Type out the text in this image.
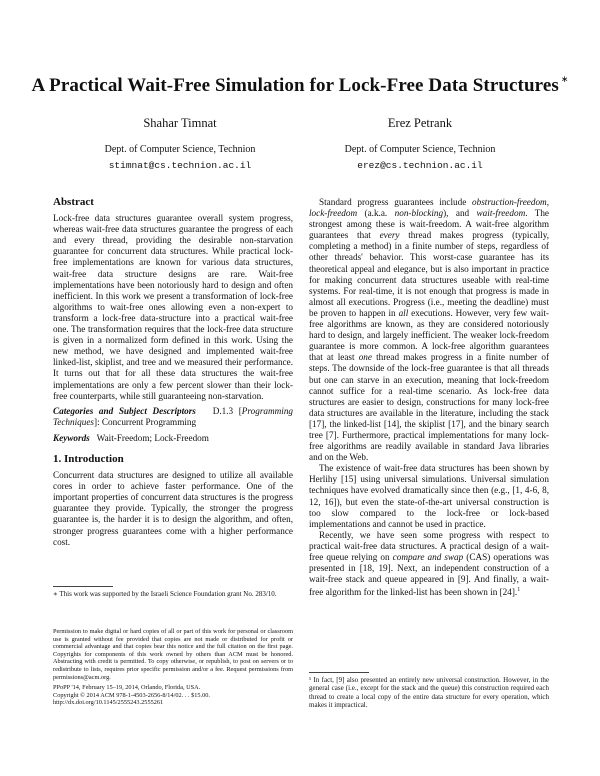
A Practical Wait-Free Simulation for Lock-Free Data Structures ∗
Shahar Timnat
Dept. of Computer Science, Technion
stimnat@cs.technion.ac.il
Erez Petrank
Dept. of Computer Science, Technion
erez@cs.technion.ac.il

Abstract

Lock-free data structures guarantee overall system progress, whereas wait-free data structures guarantee the progress of each and every thread, providing the desirable non-starvation guarantee for concurrent data structures. While practical lock-free implementations are known for various data structures, wait-free data structure designs are rare. Wait-free implementations have been notoriously hard to design and often inefficient. In this work we present a transformation of lock-free algorithms to wait-free ones allowing even a non-expert to transform a lock-free data-structure into a practical wait-free one. The transformation requires that the lock-free data structure is given in a normalized form defined in this work. Using the new method, we have designed and implemented wait-free linked-list, skiplist, and tree and we measured their performance. It turns out that for all these data structures the wait-free implementations are only a few percent slower than their lock-free counterparts, while still guaranteeing non-starvation.

Categories and Subject Descriptors D.1.3 [Programming Techniques]: Concurrent Programming

Keywords Wait-Freedom; Lock-Freedom

1. Introduction

Concurrent data structures are designed to utilize all available cores in order to achieve faster performance. One of the important properties of concurrent data structures is the progress guarantee they provide. Typically, the stronger the progress guarantee is, the harder it is to design the algorithm, and often, stronger progress guarantees come with a higher performance cost.

∗ This work was supported by the Israeli Science Foundation grant No. 283/10.

Permission to make digital or hard copies of all or part of this work for personal or classroom use is granted without fee provided that copies are not made or distributed for profit or commercial advantage and that copies bear this notice and the full citation on the first page. Copyrights for components of this work owned by others than ACM must be honored. Abstracting with credit is permitted. To copy otherwise, or republish, to post on servers or to redistribute to lists, requires prior specific permission and/or a fee. Request permissions from permissions@acm.org.

PPoPP '14, February 15–19, 2014, Orlando, Florida, USA.

Copyright © 2014 ACM 978-1-4503-2656-8/14/02. . . $15.00.

http://dx.doi.org/10.1145/2555243.2555261

Standard progress guarantees include obstruction-freedom, lock-freedom (a.k.a. non-blocking), and wait-freedom. The strongest among these is wait-freedom. A wait-free algorithm guarantees that every thread makes progress (typically, completing a method) in a finite number of steps, regardless of other threads' behavior. This worst-case guarantee has its theoretical appeal and elegance, but is also important in practice for making concurrent data structures useable with real-time systems. For real-time, it is not enough that progress is made in almost all executions. Progress (i.e., meeting the deadline) must be proven to happen in all executions. However, very few wait-free algorithms are known, as they are considered notoriously hard to design, and largely inefficient. The weaker lock-freedom guarantee is more common. A lock-free algorithm guarantees that at least one thread makes progress in a finite number of steps. The downside of the lock-free guarantee is that all threads but one can starve in an execution, meaning that lock-freedom cannot suffice for a real-time scenario. As lock-free data structures are easier to design, constructions for many lock-free data structures are available in the literature, including the stack [17], the linked-list [14], the skiplist [17], and the binary search tree [7]. Furthermore, practical implementations for many lock-free algorithms are readily available in standard Java libraries and on the Web.

The existence of wait-free data structures has been shown by Herlihy [15] using universal simulations. Universal simulation techniques have evolved dramatically since then (e.g., [1, 4-6, 8, 12, 16]), but even the state-of-the-art universal construction is too slow compared to the lock-free or lock-based implementations and cannot be used in practice.

Recently, we have seen some progress with respect to practical wait-free data structures. A practical design of a wait-free queue relying on compare and swap (CAS) operations was presented in [18, 19]. Next, an independent construction of a wait-free stack and queue appeared in [9]. And finally, a wait-free algorithm for the linked-list has been shown in [24].$^1$

¹ In fact, [9] also presented an entirely new universal construction. However, in the general case (i.e., except for the stack and the queue) this construction required each thread to create a local copy of the entire data structure for every operation, which makes it impractical.
